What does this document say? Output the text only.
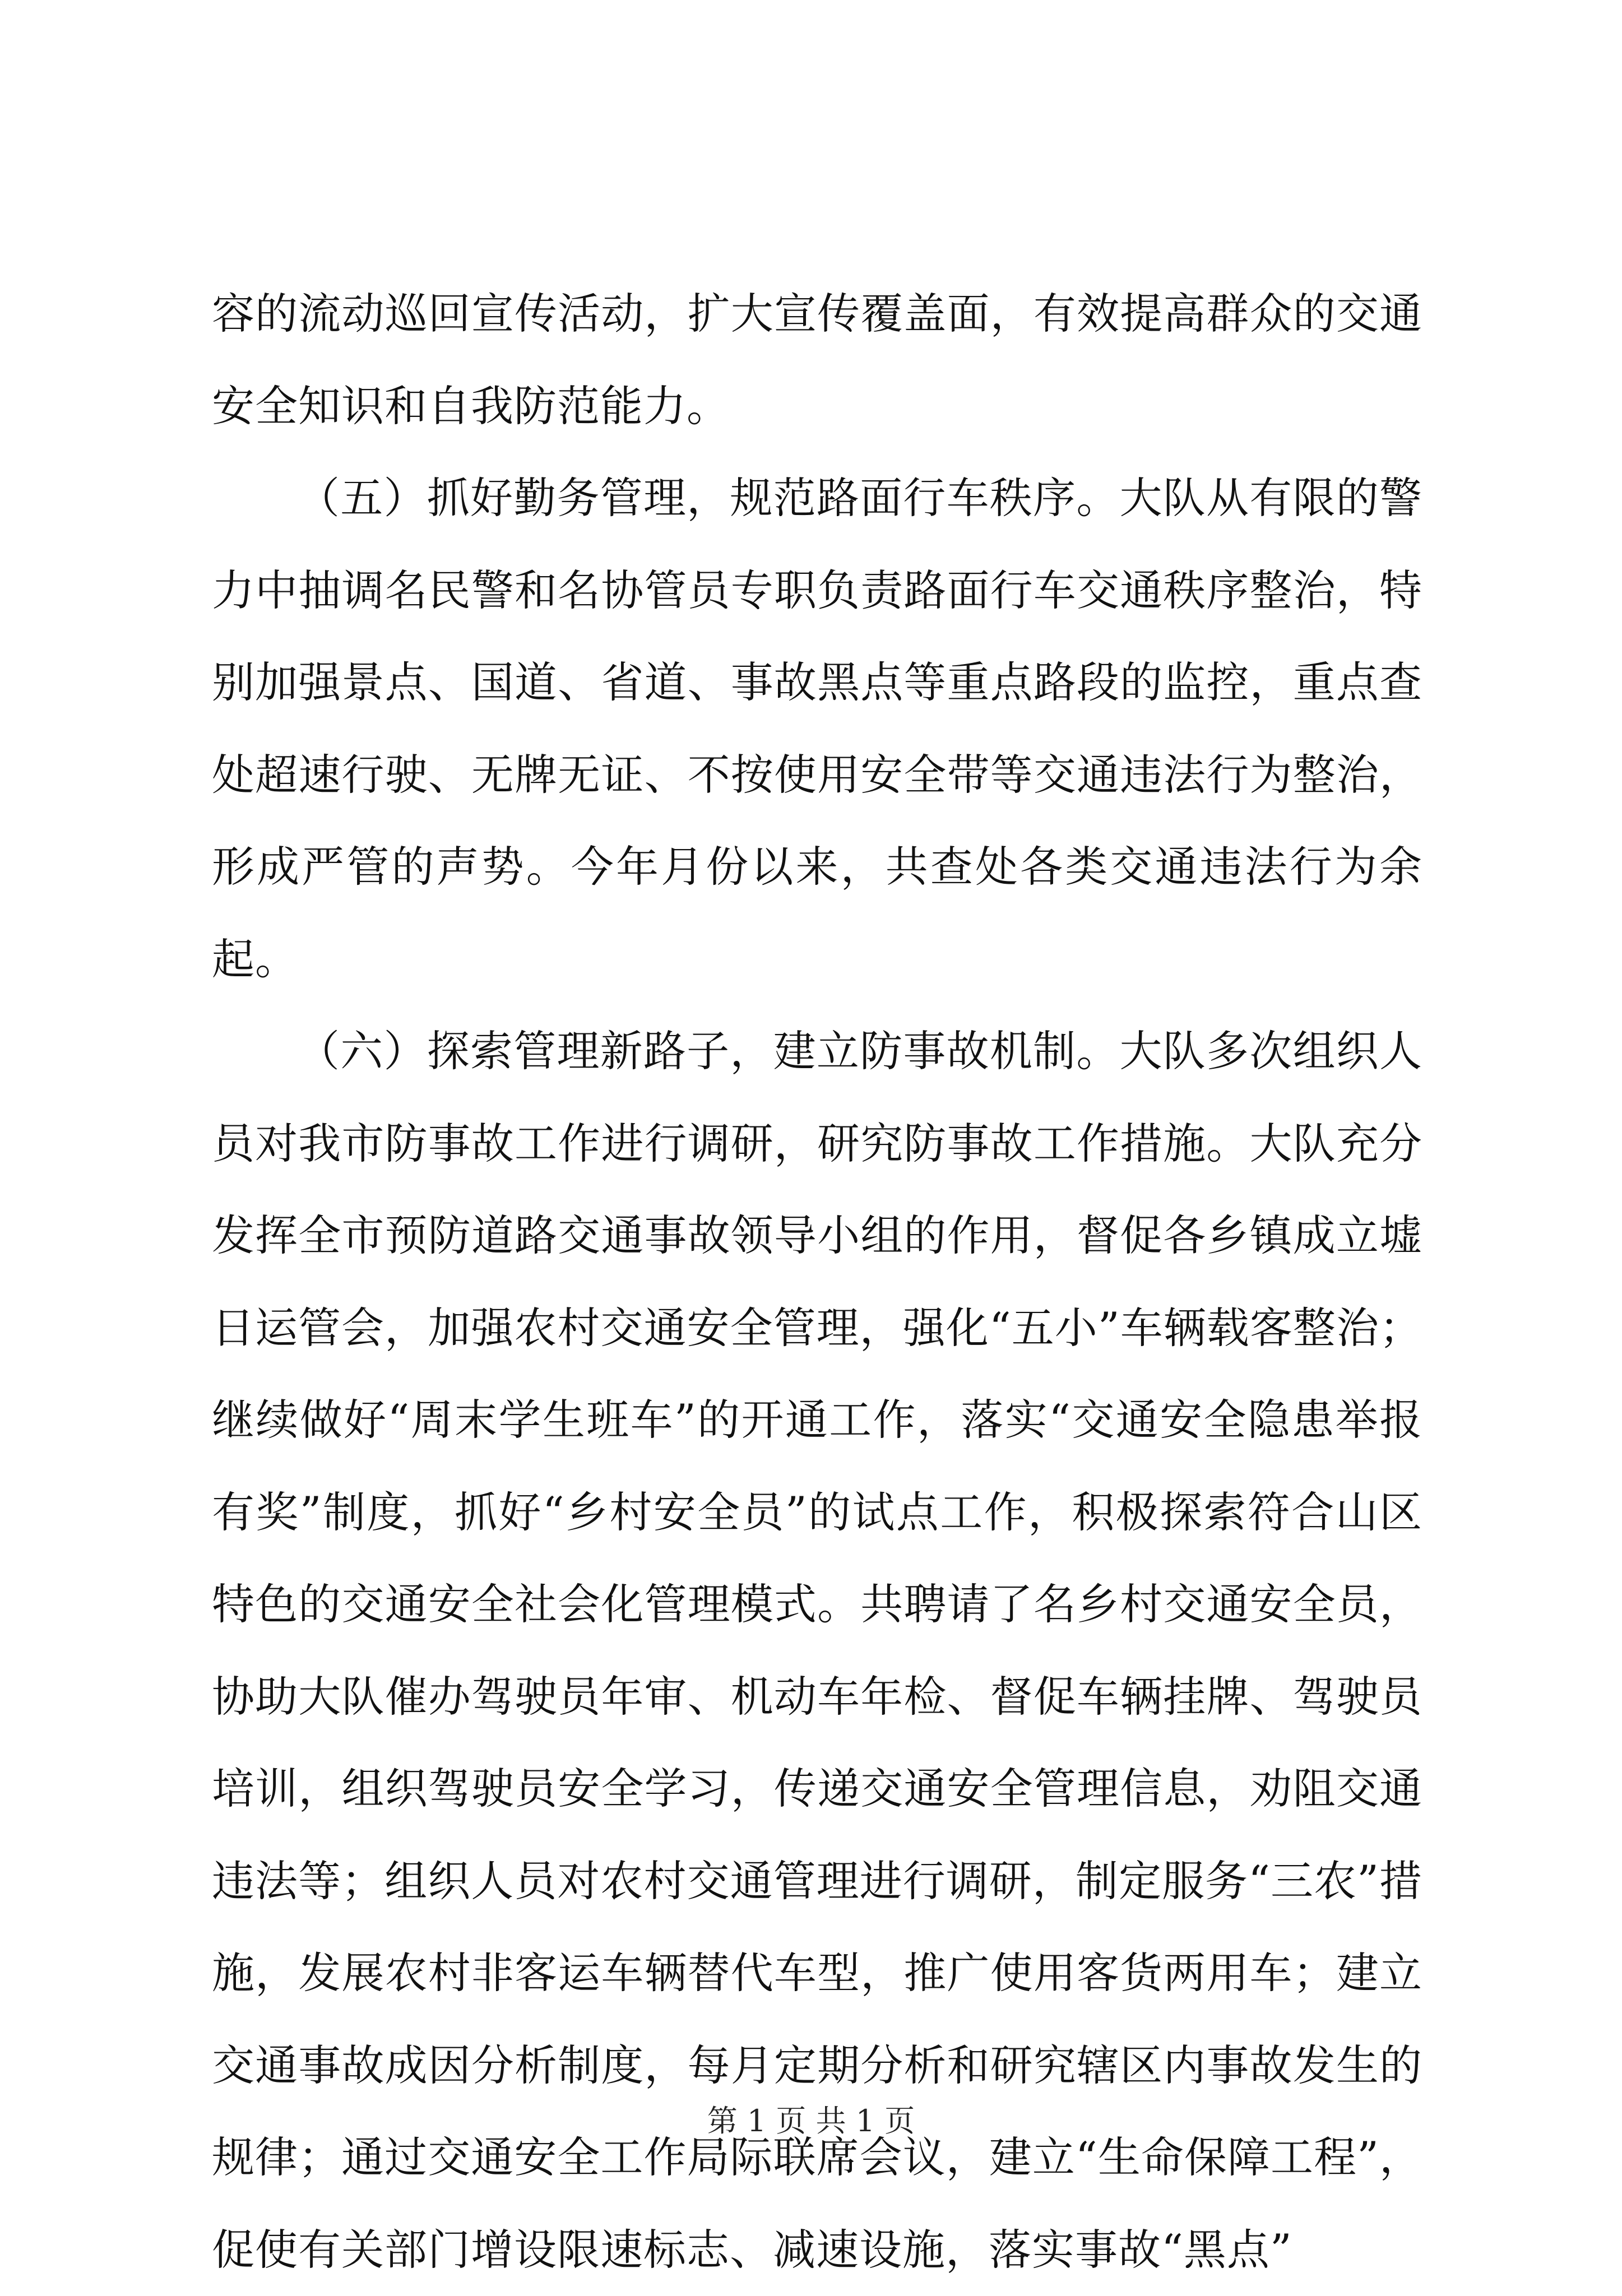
容的流动巡回宣传活动，扩大宣传覆盖面，有效提高群众的交通安全知识和自我防范能力。

（五）抓好勤务管理，规范路面行车秩序。大队从有限的警力中抽调名民警和名协管员专职负责路面行车交通秩序整治，特别加强景点、国道、省道、事故黑点等重点路段的监控，重点查处超速行驶、无牌无证、不按使用安全带等交通违法行为整治，形成严管的声势。今年月份以来，共查处各类交通违法行为余起。

（六）探索管理新路子，建立防事故机制。大队多次组织人员对我市防事故工作进行调研，研究防事故工作措施。大队充分发挥全市预防道路交通事故领导小组的作用，督促各乡镇成立墟日运管会，加强农村交通安全管理，强化“五小”车辆载客整治；继续做好“周末学生班车”的开通工作，落实“交通安全隐患举报有奖”制度，抓好“乡村安全员”的试点工作，积极探索符合山区特色的交通安全社会化管理模式。共聘请了名乡村交通安全员，协助大队催办驾驶员年审、机动车年检、督促车辆挂牌、驾驶员培训，组织驾驶员安全学习，传递交通安全管理信息，劝阻交通违法等；组织人员对农村交通管理进行调研，制定服务“三农”措施，发展农村非客运车辆替代车型，推广使用客货两用车；建立交通事故成因分析制度，每月定期分析和研究辖区内事故发生的规律；通过交通安全工作局际联席会议，建立“生命保障工程”，促使有关部门增设限速标志、减速设施，落实事故“黑点”

第 1 页 共 1 页
